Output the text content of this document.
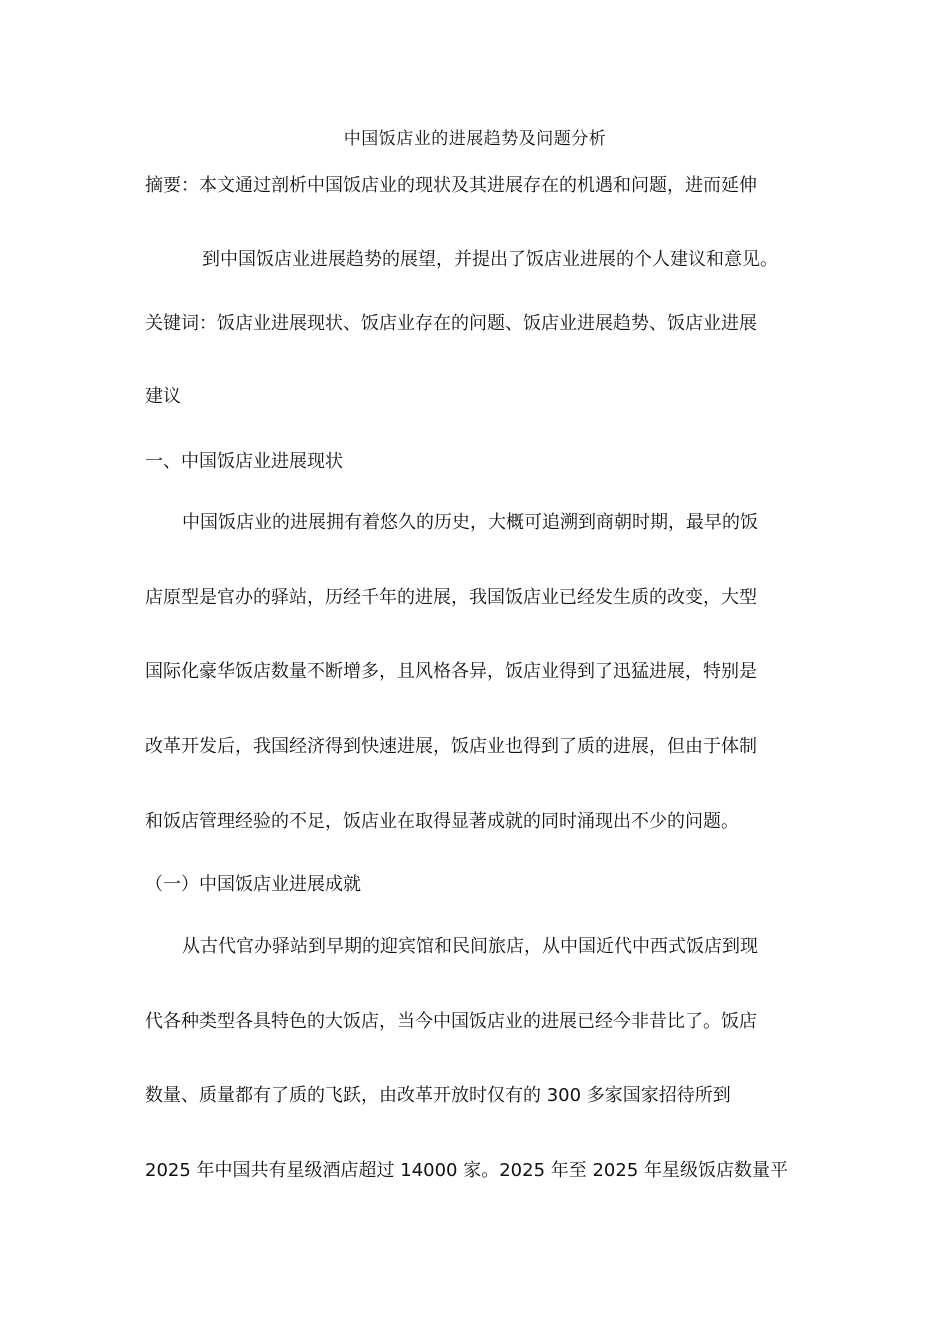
中国饭店业的进展趋势及问题分析
摘要：本文通过剖析中国饭店业的现状及其进展存在的机遇和问题，进而延伸
到中国饭店业进展趋势的展望，并提出了饭店业进展的个人建议和意见。
关键词：饭店业进展现状、饭店业存在的问题、饭店业进展趋势、饭店业进展
建议
一、中国饭店业进展现状
中国饭店业的进展拥有着悠久的历史，大概可追溯到商朝时期，最早的饭
店原型是官办的驿站，历经千年的进展，我国饭店业已经发生质的改变，大型
国际化豪华饭店数量不断增多，且风格各异，饭店业得到了迅猛进展，特别是
改革开发后，我国经济得到快速进展，饭店业也得到了质的进展，但由于体制
和饭店管理经验的不足，饭店业在取得显著成就的同时涌现出不少的问题。
（一）中国饭店业进展成就
从古代官办驿站到早期的迎宾馆和民间旅店，从中国近代中西式饭店到现
代各种类型各具特色的大饭店，当今中国饭店业的进展已经今非昔比了。饭店
数量、质量都有了质的飞跃，由改革开放时仅有的 300 多家国家招待所到
2025 年中国共有星级酒店超过 14000 家。2025 年至 2025 年星级饭店数量平
